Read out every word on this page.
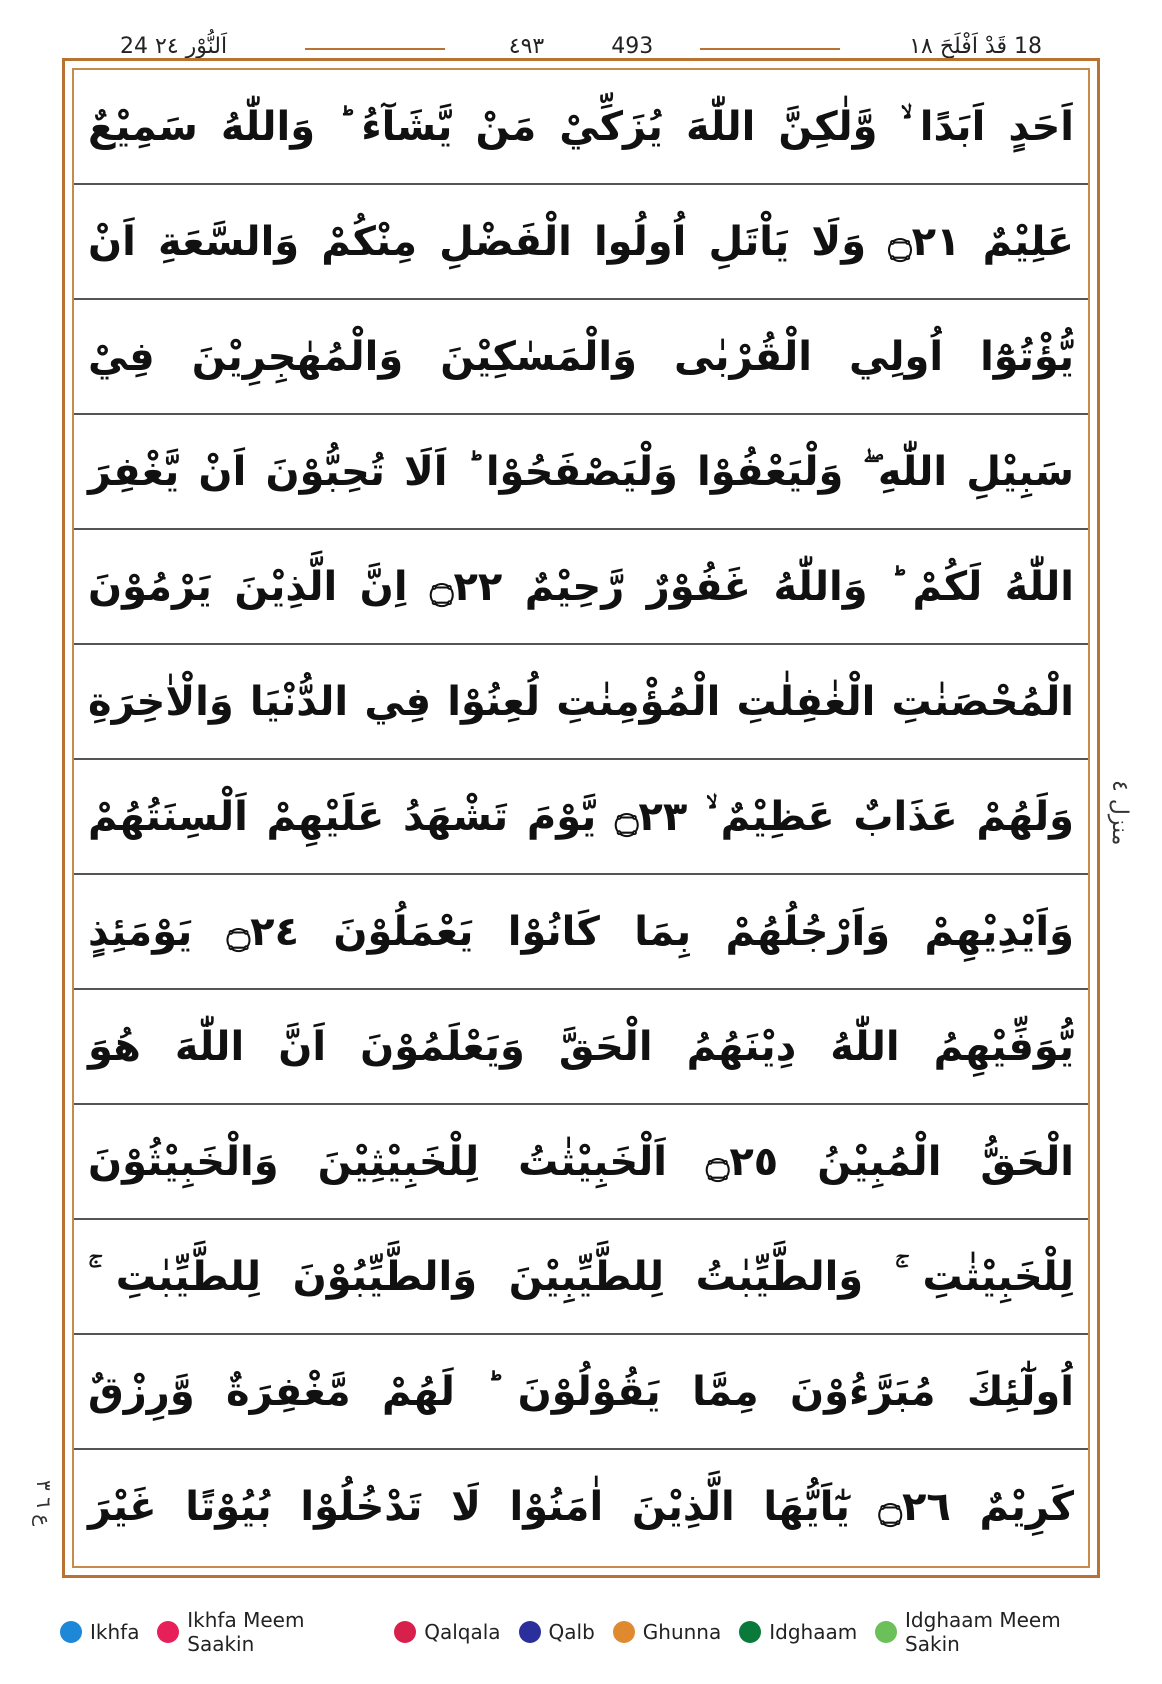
24 اَلنُّوْر ٢٤	٤٩٣	493	18 قَدْ اَفْلَحَ ١٨
اَحَدٍ اَبَدًا ۙ وَّلٰكِنَّ اللّٰهَ يُزَكِّيْ مَنْ يَّشَآءُ ؕ وَاللّٰهُ سَمِيْعٌ
عَلِيْمٌ ۝٢١ وَلَا يَاْتَلِ اُولُوا الْفَضْلِ مِنْكُمْ وَالسَّعَةِ اَنْ
يُّؤْتُوْٓا اُولِي الْقُرْبٰى وَالْمَسٰكِيْنَ وَالْمُهٰجِرِيْنَ فِيْ
سَبِيْلِ اللّٰهِ ۖ وَلْيَعْفُوْا وَلْيَصْفَحُوْا ؕ اَلَا تُحِبُّوْنَ اَنْ يَّغْفِرَ
اللّٰهُ لَكُمْ ؕ وَاللّٰهُ غَفُوْرٌ رَّحِيْمٌ ۝٢٢ اِنَّ الَّذِيْنَ يَرْمُوْنَ
الْمُحْصَنٰتِ الْغٰفِلٰتِ الْمُؤْمِنٰتِ لُعِنُوْا فِي الدُّنْيَا وَالْاٰخِرَةِ
وَلَهُمْ عَذَابٌ عَظِيْمٌ ۙ ۝٢٣ يَّوْمَ تَشْهَدُ عَلَيْهِمْ اَلْسِنَتُهُمْ
وَاَيْدِيْهِمْ وَاَرْجُلُهُمْ بِمَا كَانُوْا يَعْمَلُوْنَ ۝٢٤ يَوْمَئِذٍ
يُّوَفِّيْهِمُ اللّٰهُ دِيْنَهُمُ الْحَقَّ وَيَعْلَمُوْنَ اَنَّ اللّٰهَ هُوَ
الْحَقُّ الْمُبِيْنُ ۝٢٥ اَلْخَبِيْثٰتُ لِلْخَبِيْثِيْنَ وَالْخَبِيْثُوْنَ
لِلْخَبِيْثٰتِ ۚ وَالطَّيِّبٰتُ لِلطَّيِّبِيْنَ وَالطَّيِّبُوْنَ لِلطَّيِّبٰتِ ۚ
اُولٰٓئِكَ مُبَرَّءُوْنَ مِمَّا يَقُوْلُوْنَ ؕ لَهُمْ مَّغْفِرَةٌ وَّرِزْقٌ
كَرِيْمٌ ۝٢٦ يٰٓاَيُّهَا الَّذِيْنَ اٰمَنُوْا لَا تَدْخُلُوْا بُيُوْتًا غَيْرَ
منزل ٤
ع ٦ ٣
Ikhfa Ikhfa Meem Saakin	Qalqala Qalb Ghunna Idghaam Idghaam Meem Sakin
